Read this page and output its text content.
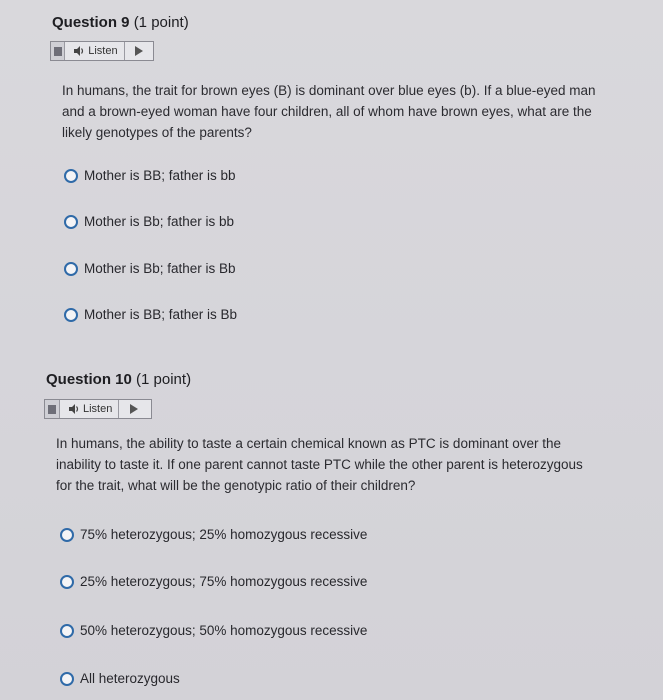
Question 9 (1 point)
Listen
In humans, the trait for brown eyes (B) is dominant over blue eyes (b). If a blue-eyed man and a brown-eyed woman have four children, all of whom have brown eyes, what are the likely genotypes of the parents?
Mother is BB; father is bb
Mother is Bb; father is bb
Mother is Bb; father is Bb
Mother is BB; father is Bb
Question 10 (1 point)
Listen
In humans, the ability to taste a certain chemical known as PTC is dominant over the inability to taste it. If one parent cannot taste PTC while the other parent is heterozygous for the trait, what will be the genotypic ratio of their children?
75% heterozygous; 25% homozygous recessive
25% heterozygous; 75% homozygous recessive
50% heterozygous; 50% homozygous recessive
All heterozygous
